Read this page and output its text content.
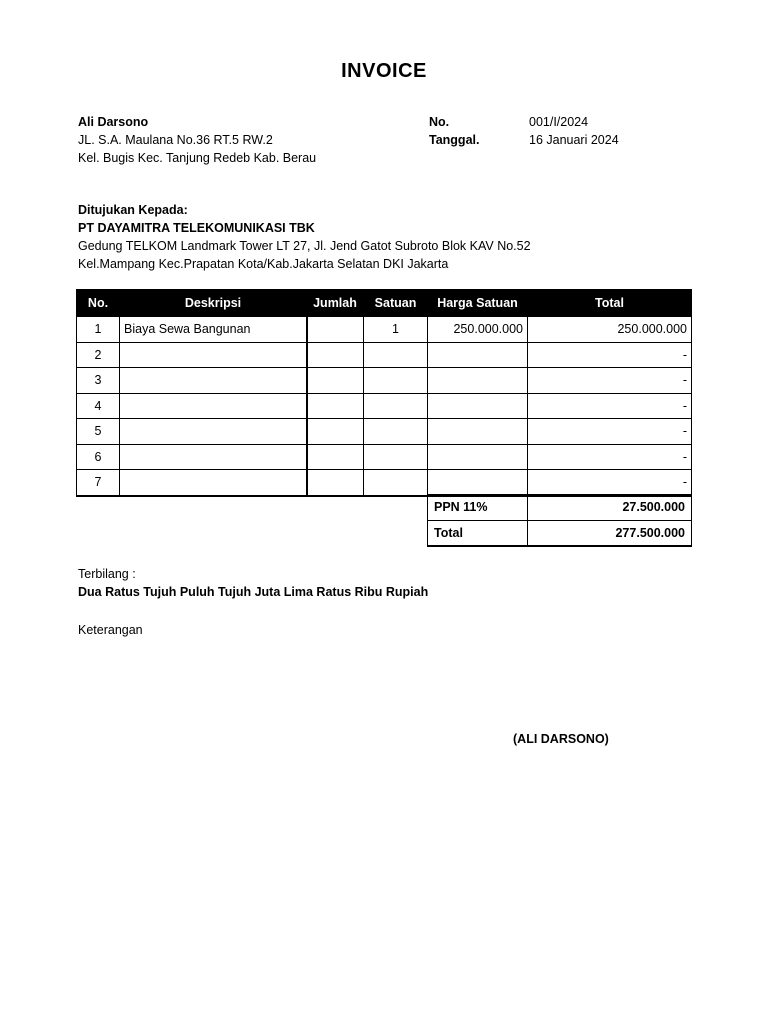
INVOICE
Ali Darsono
JL. S.A. Maulana No.36 RT.5 RW.2
Kel. Bugis Kec. Tanjung Redeb Kab. Berau
No.	001/I/2024
Tanggal.	16 Januari 2024
Ditujukan Kepada:
PT DAYAMITRA TELEKOMUNIKASI TBK
Gedung TELKOM Landmark Tower LT 27, Jl. Jend Gatot Subroto Blok KAV No.52
Kel.Mampang Kec.Prapatan Kota/Kab.Jakarta Selatan DKI Jakarta
No.	Deskripsi	Jumlah	Satuan	Harga Satuan	Total
1	Biaya Sewa Bangunan		1	250.000.000	250.000.000
2					-
3					-
4					-
5					-
6					-
7					-
PPN 11%	27.500.000
Total	277.500.000
Terbilang :
Dua Ratus Tujuh Puluh Tujuh Juta Lima Ratus Ribu Rupiah
Keterangan
(ALI DARSONO)
